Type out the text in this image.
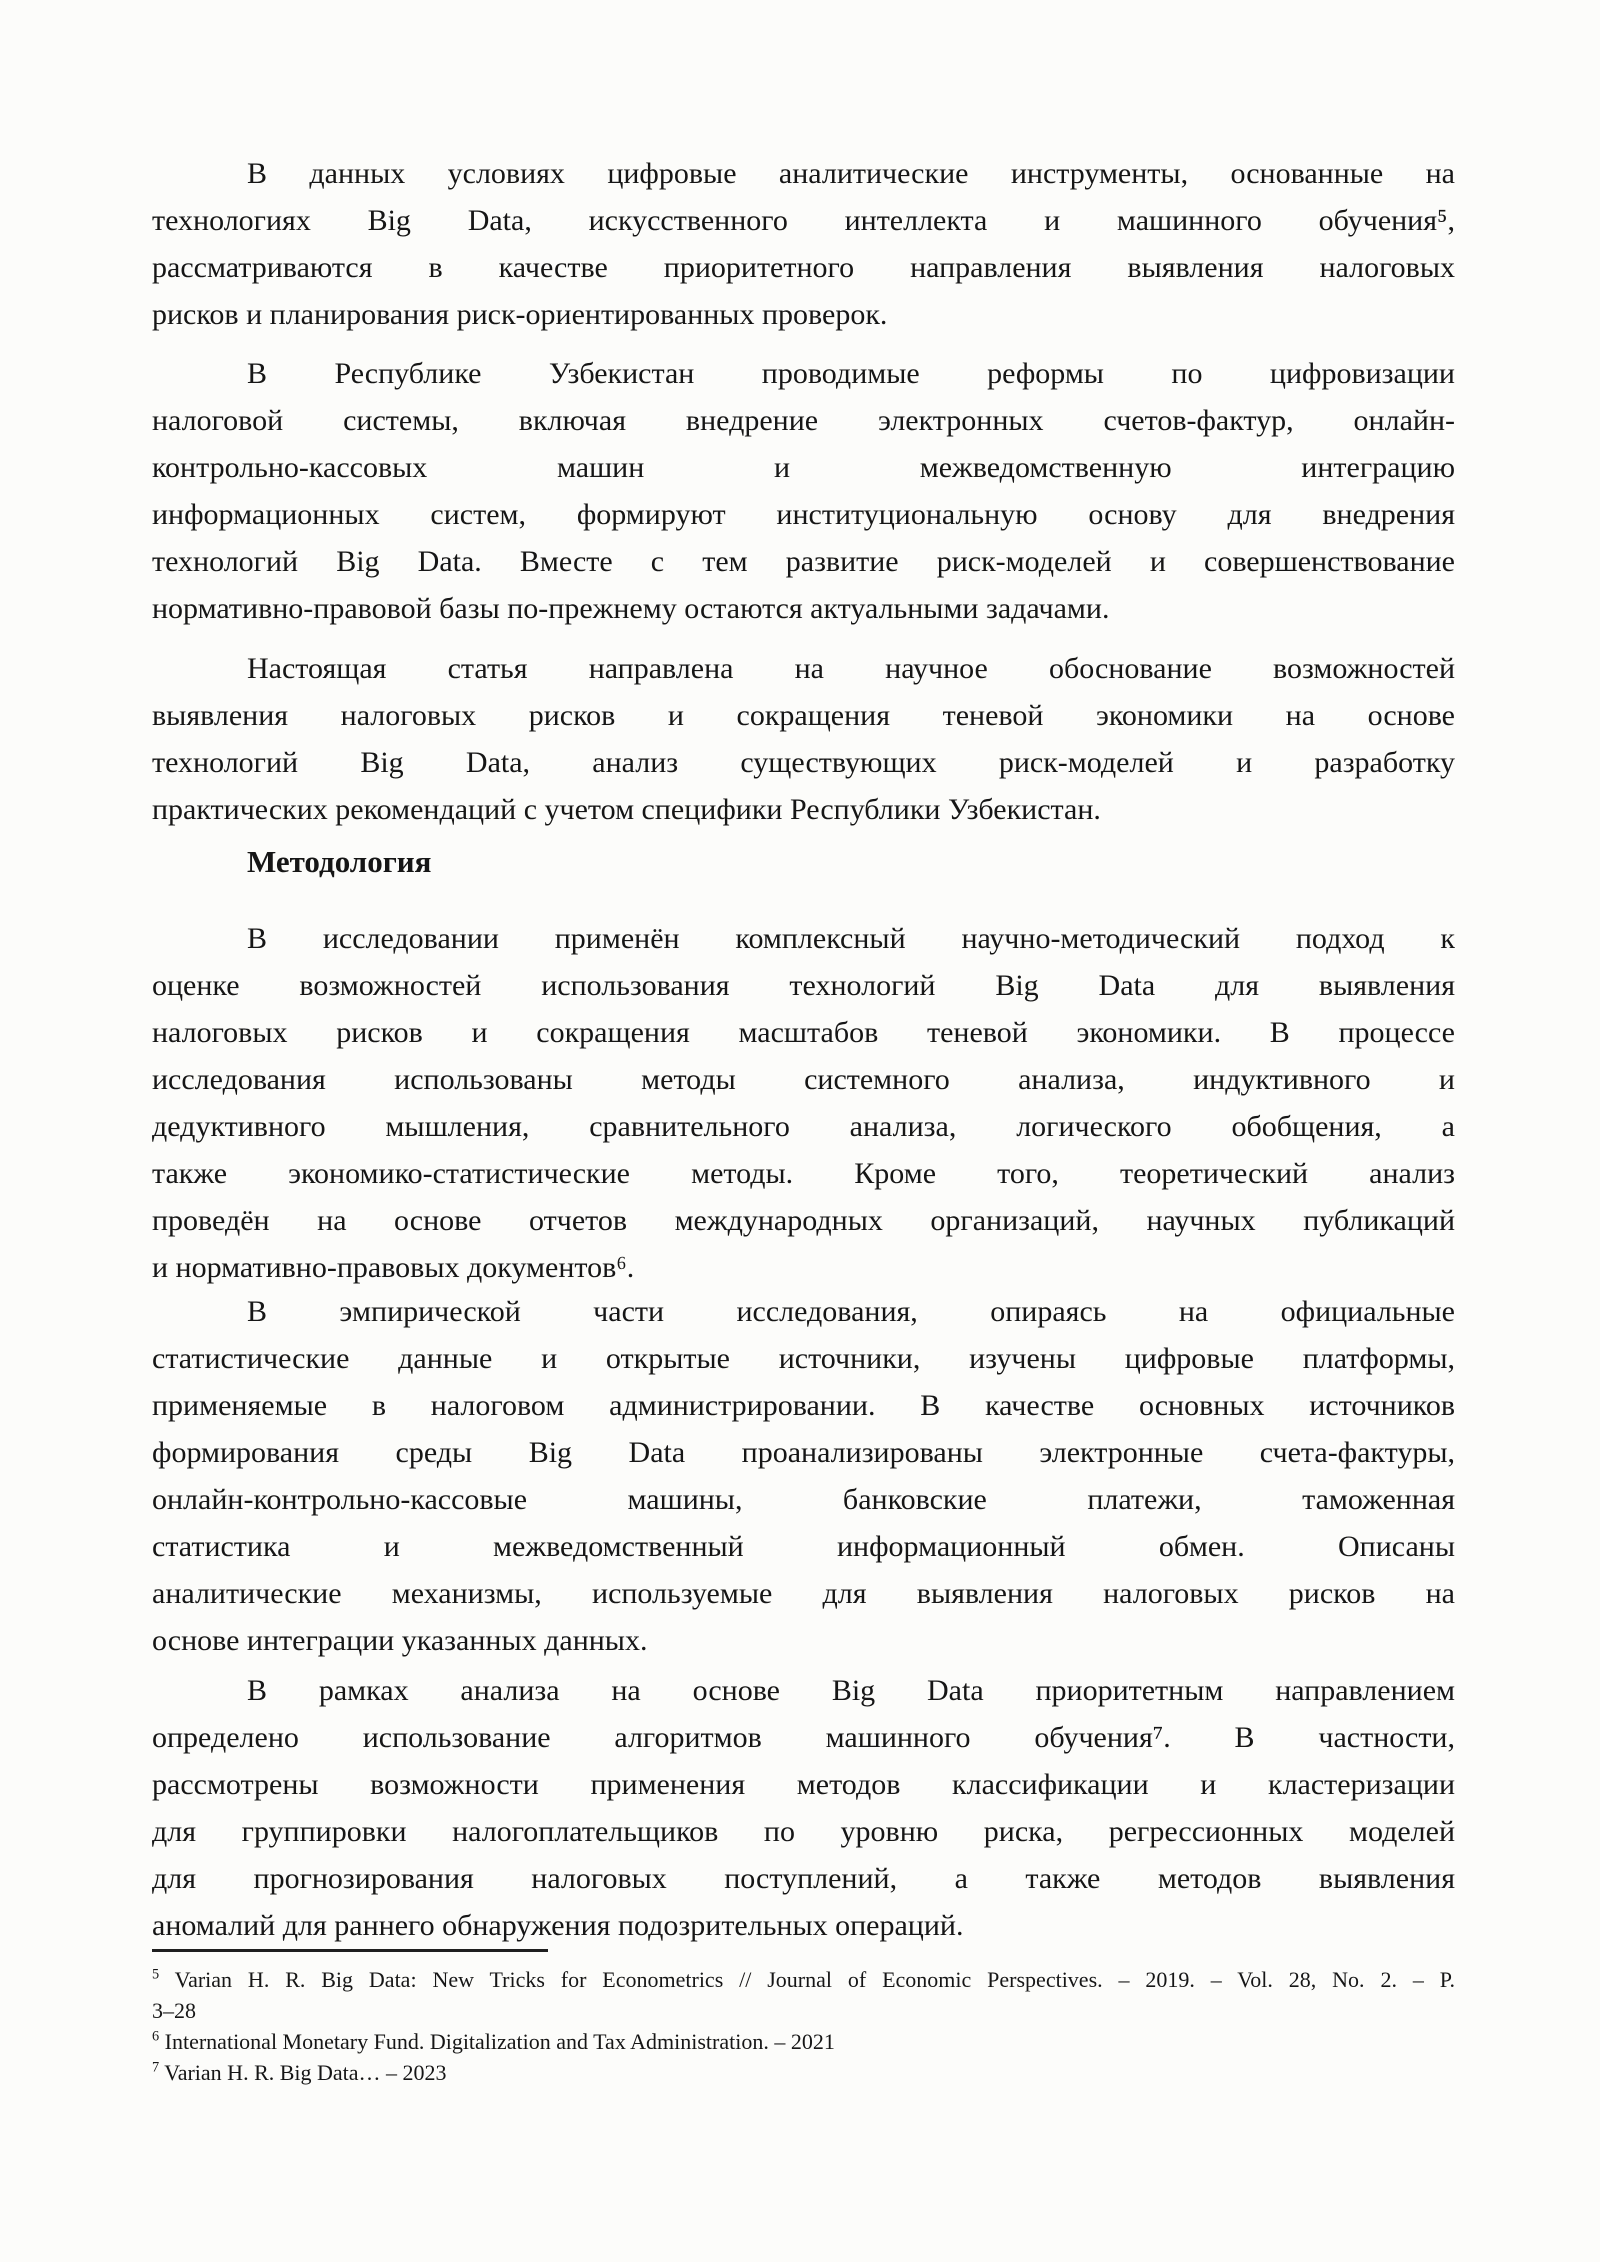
В данных условиях цифровые аналитические инструменты, основанные на
технологиях Big Data, искусственного интеллекта и машинного обучения⁵,
рассматриваются в качестве приоритетного направления выявления налоговых
рисков и планирования риск-ориентированных проверок.
В Республике Узбекистан проводимые реформы по цифровизации
налоговой системы, включая внедрение электронных счетов-фактур, онлайн-
контрольно-кассовых машин и межведомственную интеграцию
информационных систем, формируют институциональную основу для внедрения
технологий Big Data. Вместе с тем развитие риск-моделей и совершенствование
нормативно-правовой базы по-прежнему остаются актуальными задачами.
Настоящая статья направлена на научное обоснование возможностей
выявления налоговых рисков и сокращения теневой экономики на основе
технологий Big Data, анализ существующих риск-моделей и разработку
практических рекомендаций с учетом специфики Республики Узбекистан.
Методология
В исследовании применён комплексный научно-методический подход к
оценке возможностей использования технологий Big Data для выявления
налоговых рисков и сокращения масштабов теневой экономики. В процессе
исследования использованы методы системного анализа, индуктивного и
дедуктивного мышления, сравнительного анализа, логического обобщения, а
также экономико-статистические методы. Кроме того, теоретический анализ
проведён на основе отчетов международных организаций, научных публикаций
и нормативно-правовых документов⁶.
В эмпирической части исследования, опираясь на официальные
статистические данные и открытые источники, изучены цифровые платформы,
применяемые в налоговом администрировании. В качестве основных источников
формирования среды Big Data проанализированы электронные счета-фактуры,
онлайн-контрольно-кассовые машины, банковские платежи, таможенная
статистика и межведомственный информационный обмен. Описаны
аналитические механизмы, используемые для выявления налоговых рисков на
основе интеграции указанных данных.
В рамках анализа на основе Big Data приоритетным направлением
определено использование алгоритмов машинного обучения⁷. В частности,
рассмотрены возможности применения методов классификации и кластеризации
для группировки налогоплательщиков по уровню риска, регрессионных моделей
для прогнозирования налоговых поступлений, а также методов выявления
аномалий для раннего обнаружения подозрительных операций.
$^5$ Varian H. R. Big Data: New Tricks for Econometrics // Journal of Economic Perspectives. – 2019. – Vol. 28, No. 2. – P.
3–28
$^6$ International Monetary Fund. Digitalization and Tax Administration. – 2021
$^7$ Varian H. R. Big Data… – 2023
